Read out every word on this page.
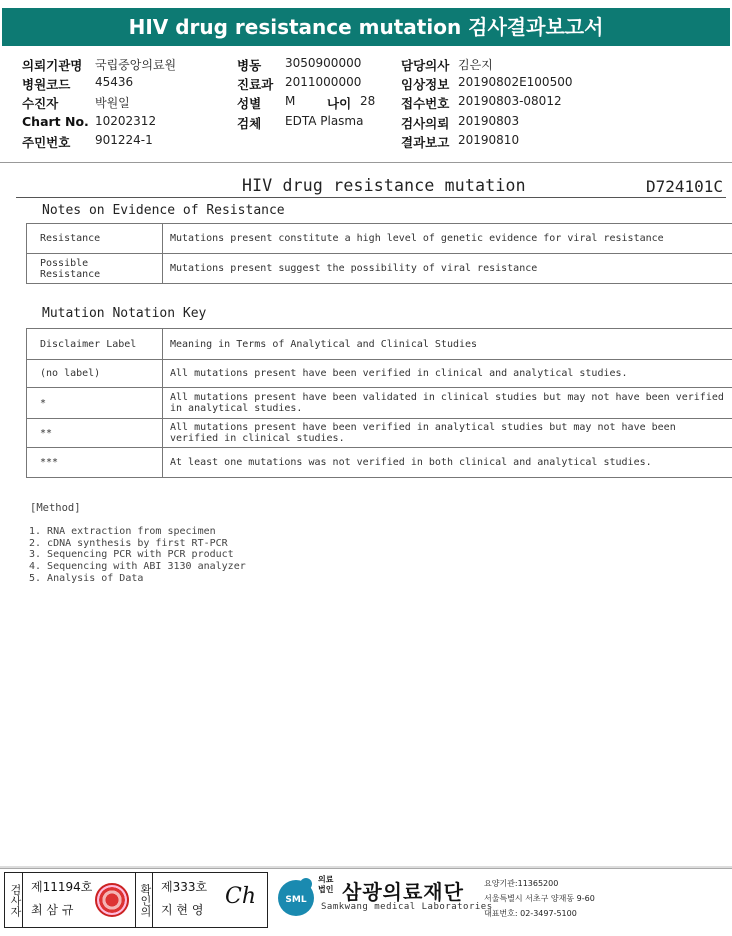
HIV drug resistance mutation 검사결과보고서
의뢰기관명 국립중앙의료원
병원코드 45436
수진자	박원일
Chart No. 10202312
주민번호 901224-1
병동 3050900000
진료과 2011000000
성별 M	나이 28
검체 EDTA Plasma
담당의사 김은지
임상정보 20190802E100500
접수번호 20190803-08012
검사의뢰 20190803
결과보고 20190810
HIV drug resistance mutation	D724101C
Notes on Evidence of Resistance
Resistance	Mutations present constitute a high level of genetic evidence for viral resistance
Possible Resistance	Mutations present suggest the possibility of viral resistance
Mutation Notation Key
Disclaimer Label	Meaning in Terms of Analytical and Clinical Studies
(no label)	All mutations present have been verified in clinical and analytical studies.
*	All mutations present have been validated in clinical studies but may not have been verified in analytical studies.
**	All mutations present have been verified in analytical studies but may not have been verified in clinical studies.
***	At least one mutations was not verified in both clinical and analytical studies.
[Method]
1. RNA extraction from specimen
2. cDNA synthesis by first RT-PCR
3. Sequencing PCR with PCR product
4. Sequencing with ABI 3130 analyzer
5. Analysis of Data
검사자 제11194호
최 삼 규	확인의 제333호
지 현 영
Ch	SML
의료
법인 삼광의료재단
Samkwang medical Laboratories
요양기관:11365200
서울특별시 서초구 양재동 9-60
대표번호: 02-3497-5100
